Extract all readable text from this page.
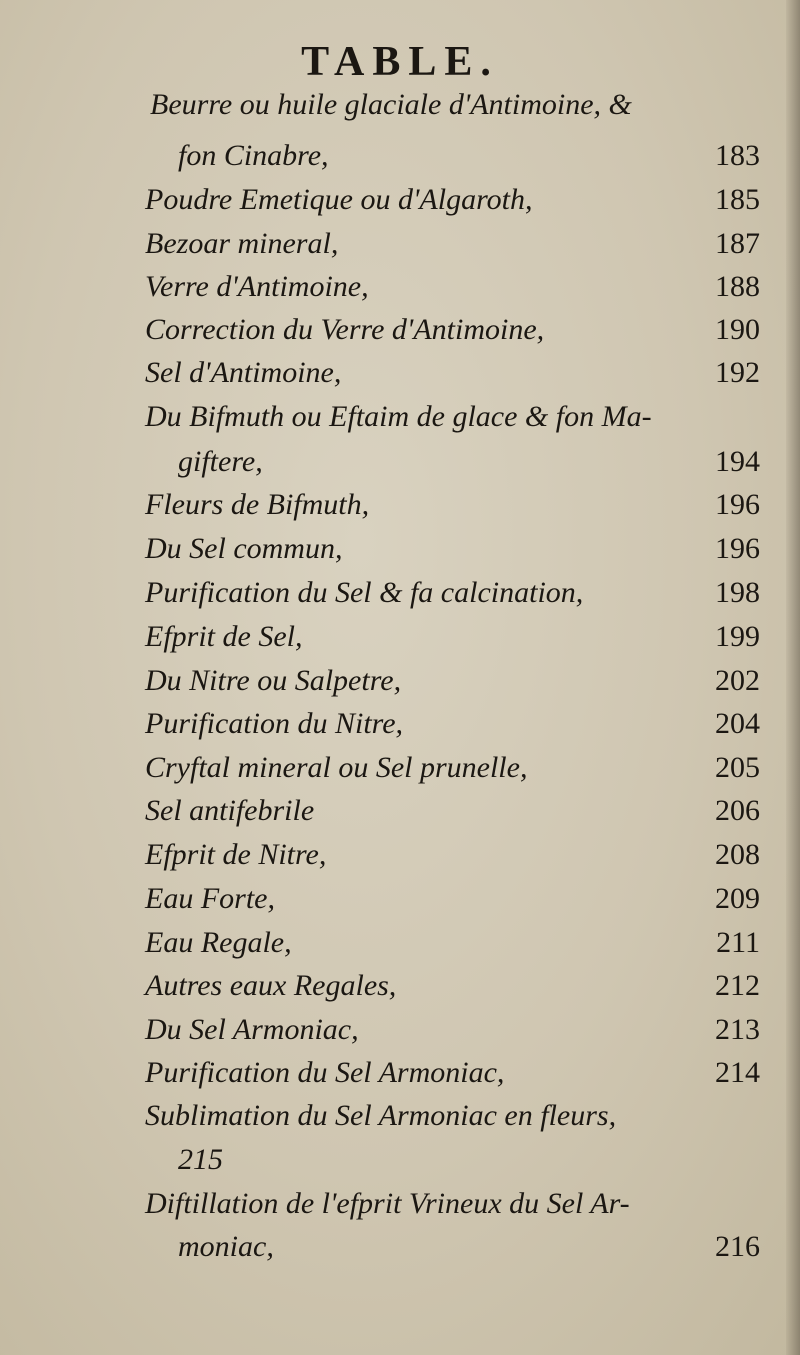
TABLE.
Beurre ou huile glaciale d'Antimoine, &
fon Cinabre,	183
Poudre Emetique ou d'Algaroth,	185
Bezoar mineral,	187
Verre d'Antimoine,	188
Correction du Verre d'Antimoine,	190
Sel d'Antimoine,	192
Du Bifmuth ou Eftaim de glace & fon Ma-
giftere,	194
Fleurs de Bifmuth,	196
Du Sel commun,	196
Purification du Sel & fa calcination,	198
Efprit de Sel,	199
Du Nitre ou Salpetre,	202
Purification du Nitre,	204
Cryftal mineral ou Sel prunelle,	205
Sel antifebrile	206
Efprit de Nitre,	208
Eau Forte,	209
Eau Regale,	211
Autres eaux Regales,	212
Du Sel Armoniac,	213
Purification du Sel Armoniac,	214
Sublimation du Sel Armoniac en fleurs,
215
Diftillation de l'efprit Vrineux du Sel Ar-
moniac,	216
